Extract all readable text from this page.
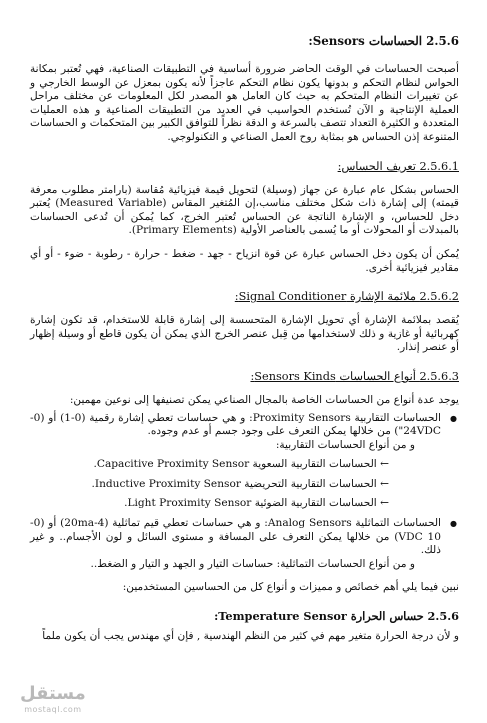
2.5.6 الحساسات Sensors:

أصبحت الحساسات في الوقت الحاضر ضرورة أساسية في التطبيقات الصناعية، فهي تُعتبر بمكانة الحواس لنظام التحكم و بدونها يكون نظام التحكم عاجزاً لأنه يكون بمعزل عن الوسط الخارجي و عن تغييرات النظام المتحكم به حيث كان العامل هو المصدر لكل المعلومات عن مختلف مراحل العملية الإنتاجية و الآن تُستخدم الحواسيب في العديد من التطبيقات الصناعية و هذه العمليات المتعددة و الكثيرة التعداد تتصف بالسرعة و الدقة نظراً للتوافق الكبير بين المتحكمات و الحساسات المتنوعة إذن الحساس هو بمثابة روح العمل الصناعي و التكنولوجي.

2.5.6.1 تعريف الحساس:

الحساس بشكل عام عبارة عن جهاز (وسيلة) لتحويل قيمة فيزيائية مُقاسة (بارامتر مطلوب معرفة قيمته) إلى إشارة ذات شكل مختلف مناسب،إن المُتغير المقاس (Measured Variable) يُعتبر دخل للحساس، و الإشارة الناتجة عن الحساس تُعتبر الخرج، كما يُمكن أن تُدعى الحساسات بالمبدلات أو المحولات أو ما يُسمى بالعناصر الأولية (Primary Elements).

يُمكن أن يكون دخل الحساس عبارة عن قوة انزياح - جهد - ضغط - حرارة - رطوبة - ضوء - أو أي مقادير فيزيائية أخرى.

2.5.6.2 ملائمة الإشارة Signal Conditioner:

يُقصد بملائمة الإشارة أي تحويل الإشارة المتحسسة إلى إشارة قابلة للاستخدام، قد تكون إشارة كهربائية أو غازية و ذلك لاستخدامها من قِبل عنصر الخرج الذي يمكن أن يكون قاطع أو وسيلة إظهار أو عنصر إنذار.

2.5.6.3 أنواع الحساسات Sensors Kinds:

يوجد عدة أنواع من الحساسات الخاصة بالمجال الصناعي يمكن تصنيفها إلى نوعين مهمين:

● الحساسات التقاربية Proximity Sensors: و هي حساسات تعطي إشارة رقمية (0-1) أو (0-24VDC") من خلالها يمكن التعرف على وجود جسم أو عدم وجوده.
و من أنواع الحساسات التقاربية:
← الحساسات التقاربية السعوية Capacitive Proximity Sensor.
← الحساسات التقاربية التحريضية Inductive Proximity Sensor.
← الحساسات التقاربية الضوئية Light Proximity Sensor.
● الحساسات التماثلية Analog Sensors: و هي حساسات تعطي قيم تماثلية (4-20ma) أو (0-10 VDC) من خلالها يمكن التعرف على المسافة و مستوى السائل و لون الأجسام.. و غير ذلك.
و من أنواع الحساسات التماثلية: حساسات التيار و الجهد و التيار و الضغط..

نبين فيما يلي أهم خصائص و مميزات و أنواع كل من الحساسين المستخدمين:

2.5.6 حساس الحرارة Temperature Sensor:

و لأن درجة الحرارة متغير مهم في كثير من النظم الهندسية , فإن أي مهندس يجب أن يكون ملماً

مستقل
mostaql.com
